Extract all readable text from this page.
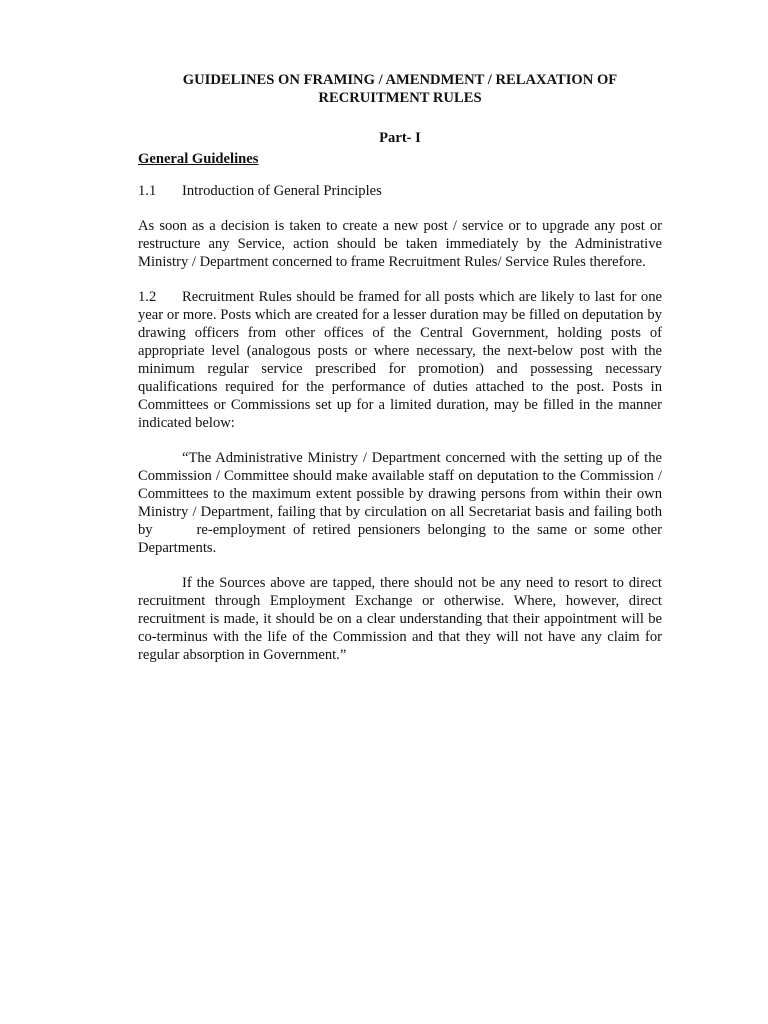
GUIDELINES ON FRAMING / AMENDMENT / RELAXATION OF
RECRUITMENT RULES

Part- I

General Guidelines

1.1 Introduction of General Principles

As soon as a decision is taken to create a new post / service or to upgrade any post or restructure any Service, action should be taken immediately by the Administrative Ministry / Department concerned to frame Recruitment Rules/ Service Rules therefore.

1.2 Recruitment Rules should be framed for all posts which are likely to last for one year or more. Posts which are created for a lesser duration may be filled on deputation by drawing officers from other offices of the Central Government, holding posts of appropriate level (analogous posts or where necessary, the next-below post with the minimum regular service prescribed for promotion) and possessing necessary qualifications required for the performance of duties attached to the post. Posts in Committees or Commissions set up for a limited duration, may be filled in the manner indicated below:

“The Administrative Ministry / Department concerned with the setting up of the Commission / Committee should make available staff on deputation to the Commission / Committees to the maximum extent possible by drawing persons from within their own Ministry / Department, failing that by circulation on all Secretariat basis and failing both by      re-employment of retired pensioners belonging to the same or some other Departments.

If the Sources above are tapped, there should not be any need to resort to direct recruitment through Employment Exchange or otherwise. Where, however, direct recruitment is made, it should be on a clear understanding that their appointment will be co-terminus with the life of the Commission and that they will not have any claim for regular absorption in Government.”
